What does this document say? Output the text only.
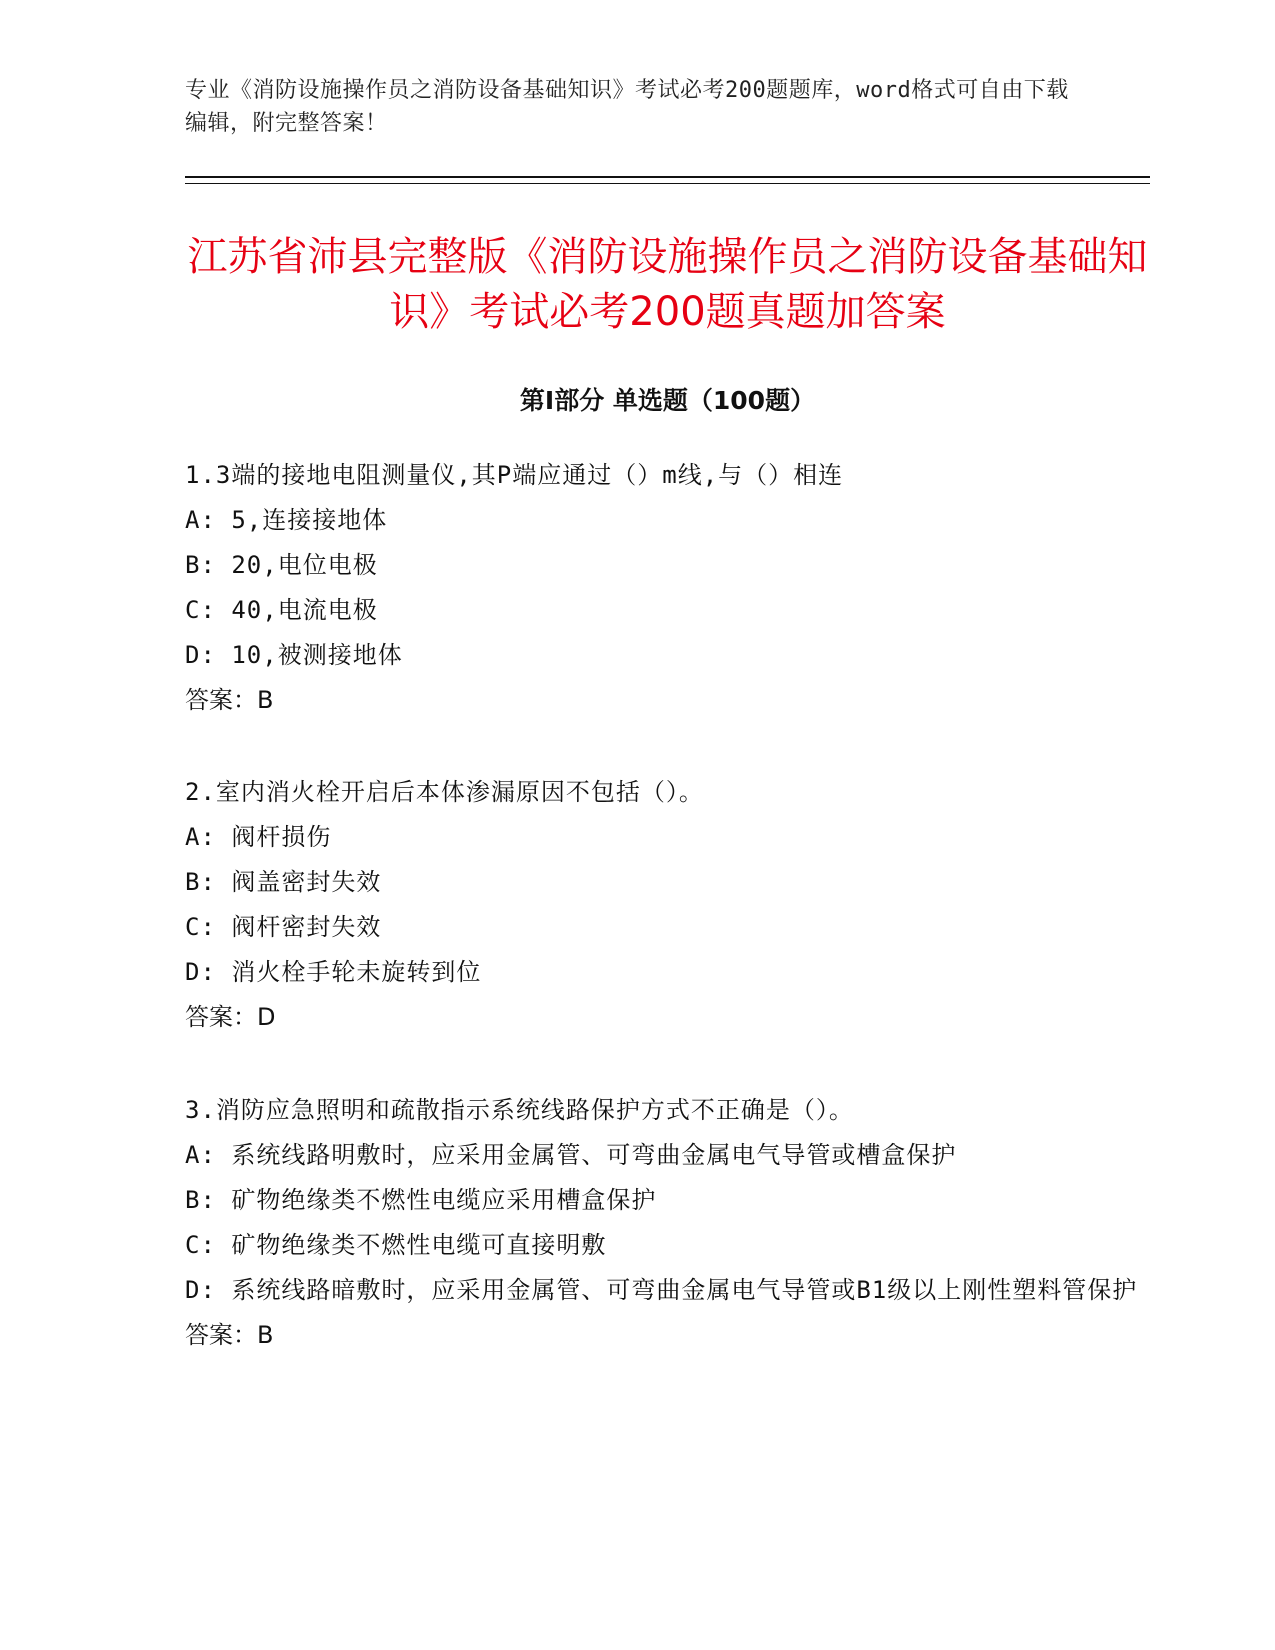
专业《消防设施操作员之消防设备基础知识》考试必考200题题库，word格式可自由下载编辑，附完整答案！
江苏省沛县完整版《消防设施操作员之消防设备基础知识》考试必考200题真题加答案
第I部分 单选题（100题）
1.3端的接地电阻测量仪,其P端应通过（）m线,与（）相连
A: 5,连接接地体
B: 20,电位电极
C: 40,电流电极
D: 10,被测接地体
答案：B
2.室内消火栓开启后本体渗漏原因不包括（）。
A: 阀杆损伤
B: 阀盖密封失效
C: 阀杆密封失效
D: 消火栓手轮未旋转到位
答案：D
3.消防应急照明和疏散指示系统线路保护方式不正确是（）。
A: 系统线路明敷时，应采用金属管、可弯曲金属电气导管或槽盒保护
B: 矿物绝缘类不燃性电缆应采用槽盒保护
C: 矿物绝缘类不燃性电缆可直接明敷
D: 系统线路暗敷时，应采用金属管、可弯曲金属电气导管或B1级以上刚性塑料管保护
答案：B
